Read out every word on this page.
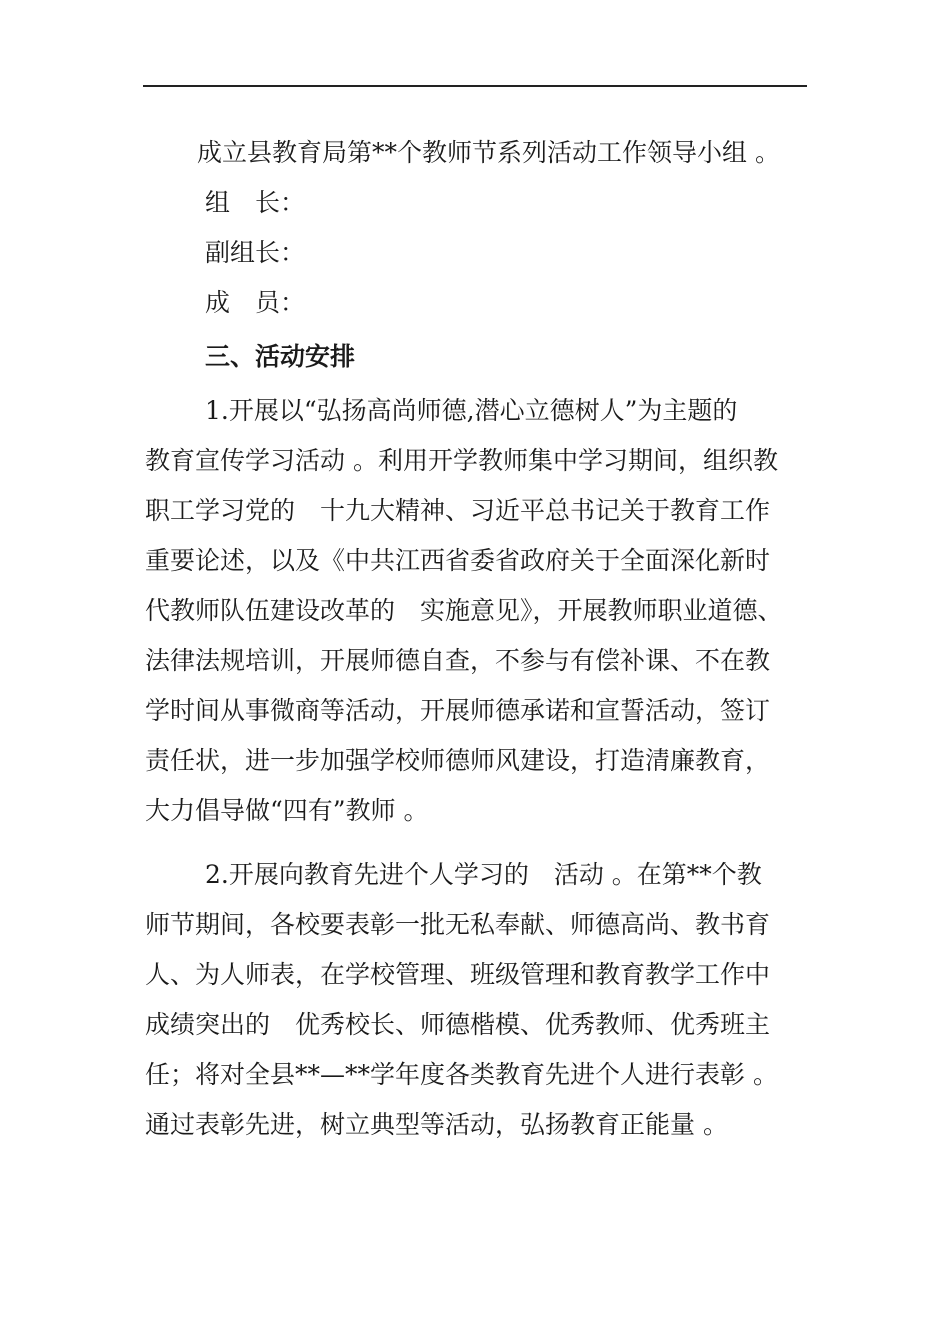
成立县教育局第**个教师节系列活动工作领导小组 。
组　长：
副组长：
成　员：
三、活动安排
1.开展以“弘扬高尚师德,潜心立德树人”为主题的
教育宣传学习活动 。利用开学教师集中学习期间，组织教
职工学习党的　十九大精神、习近平总书记关于教育工作
重要论述，以及《中共江西省委省政府关于全面深化新时
代教师队伍建设改革的　实施意见》，开展教师职业道德、
法律法规培训，开展师德自查，不参与有偿补课、不在教
学时间从事微商等活动，开展师德承诺和宣誓活动，签订
责任状，进一步加强学校师德师风建设，打造清廉教育，
大力倡导做“四有”教师 。
2.开展向教育先进个人学习的　活动 。在第**个教
师节期间，各校要表彰一批无私奉献、师德高尚、教书育
人、为人师表，在学校管理、班级管理和教育教学工作中
成绩突出的　优秀校长、师德楷模、优秀教师、优秀班主
任；将对全县**—**学年度各类教育先进个人进行表彰 。
通过表彰先进，树立典型等活动，弘扬教育正能量 。
